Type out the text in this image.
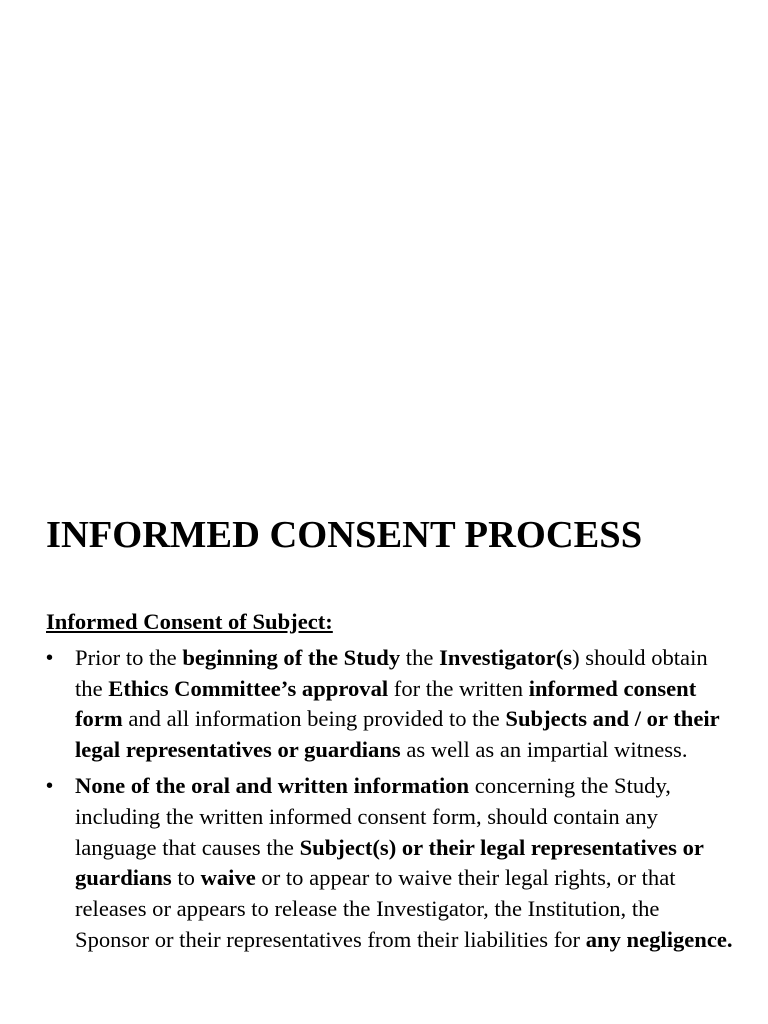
INFORMED CONSENT PROCESS
Informed Consent of Subject:
• Prior to the beginning of the Study the Investigator(s) should obtain the Ethics Committee’s approval for the written informed consent form and all information being provided to the Subjects and / or their legal representatives or guardians as well as an impartial witness.
• None of the oral and written information concerning the Study, including the written informed consent form, should contain any language that causes the Subject(s) or their legal representatives or guardians to waive or to appear to waive their legal rights, or that releases or appears to release the Investigator, the Institution, the Sponsor or their representatives from their liabilities for any negligence.
